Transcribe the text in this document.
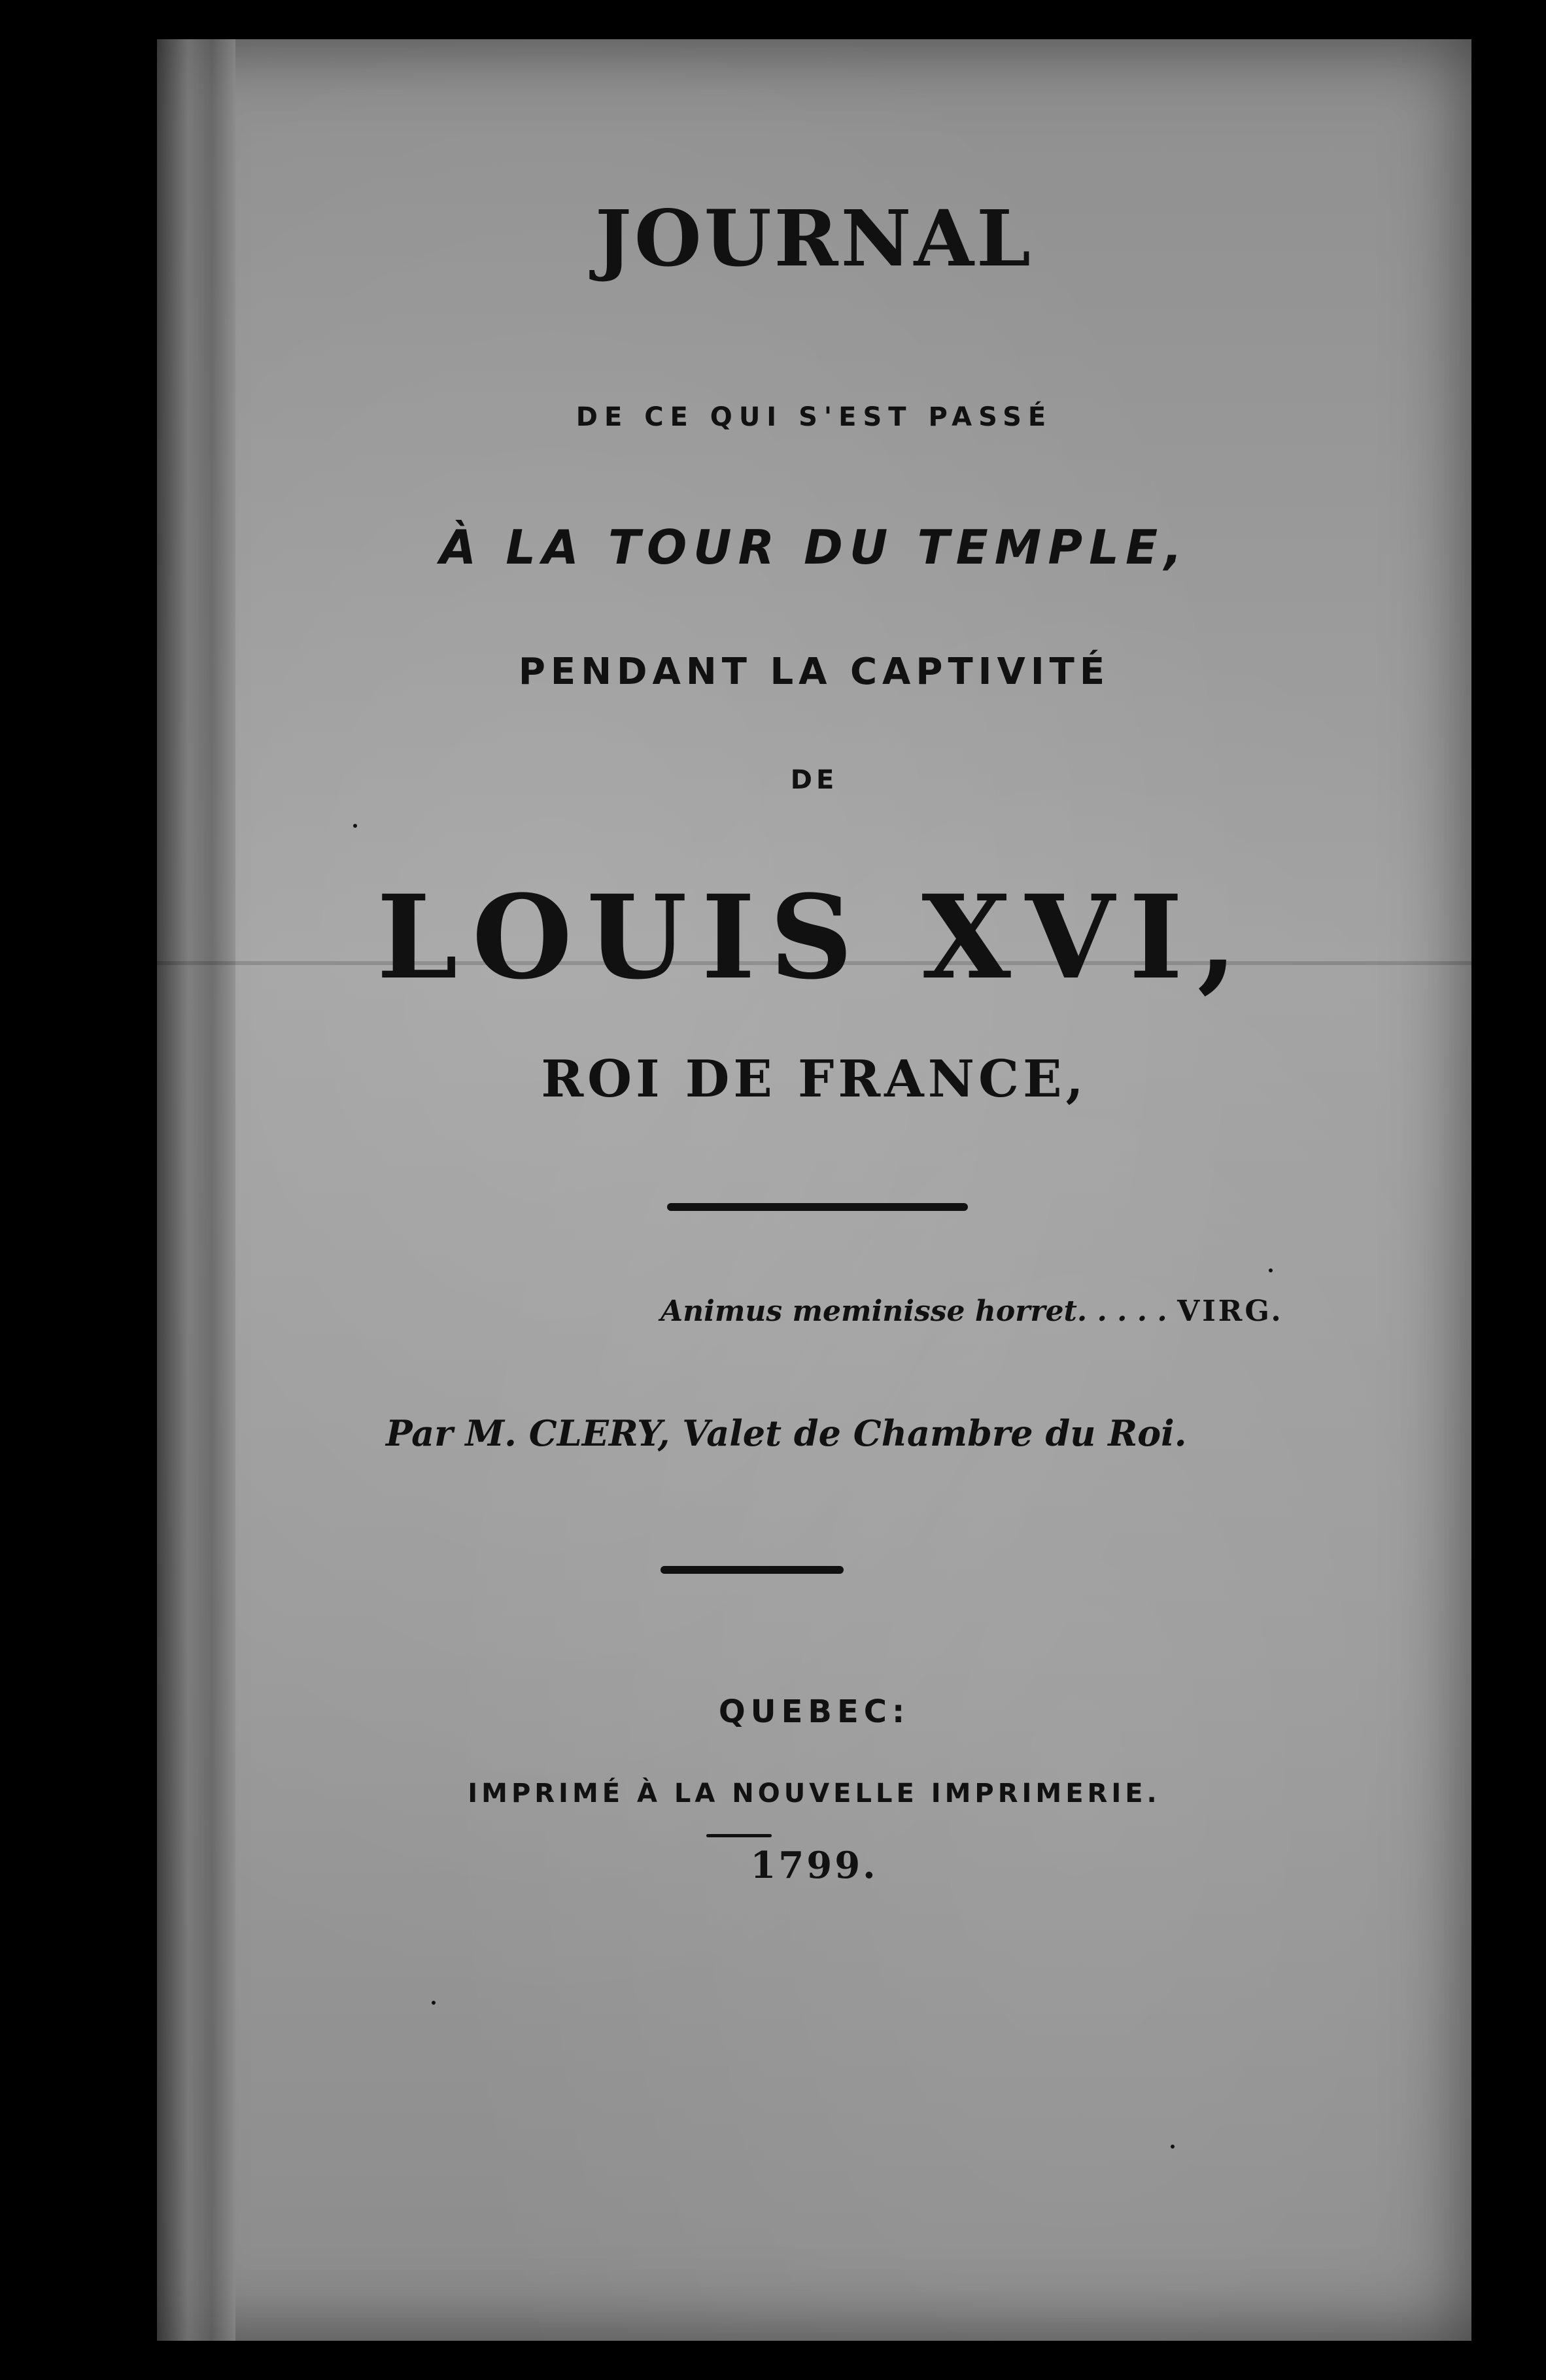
JOURNAL
DE CE QUI S'EST PASSÉ
À LA TOUR DU TEMPLE,
PENDANT LA CAPTIVITÉ
DE
LOUIS XVI,
ROI DE FRANCE,
Animus meminisse horret. . . . . VIRG.
Par M. CLERY, Valet de Chambre du Roi.
QUEBEC:
IMPRIMÉ À LA NOUVELLE IMPRIMERIE.
1799.
